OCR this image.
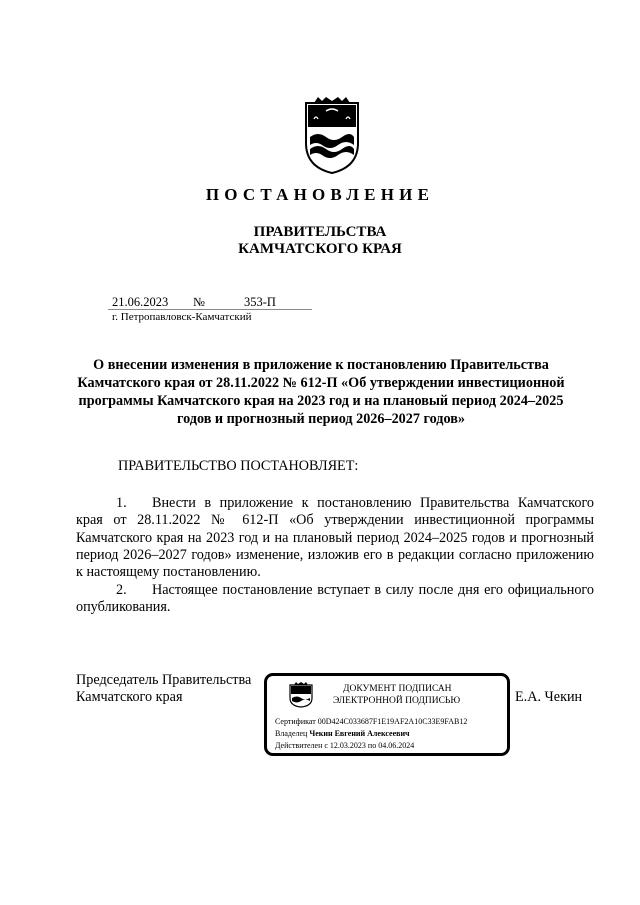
ПОСТАНОВЛЕНИЕ
ПРАВИТЕЛЬСТВА
КАМЧАТСКОГО КРАЯ
21.06.2023 №	353-П
г. Петропавловск-Камчатский
О внесении изменения в приложение к постановлению Правительства Камчатского края от 28.11.2022 № 612-П «Об утверждении инвестиционной программы Камчатского края на 2023 год и на плановый период 2024–2025 годов и прогнозный период 2026–2027 годов»
ПРАВИТЕЛЬСТВО ПОСТАНОВЛЯЕТ:
1. Внести в приложение к постановлению Правительства Камчатского края от 28.11.2022 № 612-П «Об утверждении инвестиционной программы Камчатского края на 2023 год и на плановый период 2024–2025 годов и прогнозный период 2026–2027 годов» изменение, изложив его в редакции согласно приложению к настоящему постановлению.
2. Настоящее постановление вступает в силу после дня его официального опубликования.
Председатель Правительства
Камчатского края	Е.А. Чекин
ДОКУМЕНТ ПОДПИСАН
ЭЛЕКТРОННОЙ ПОДПИСЬЮ
Сертификат 00D424C033687F1E19AF2A10C33E9FAB12
Владелец Чекин Евгений Алексеевич
Действителен с 12.03.2023 по 04.06.2024
